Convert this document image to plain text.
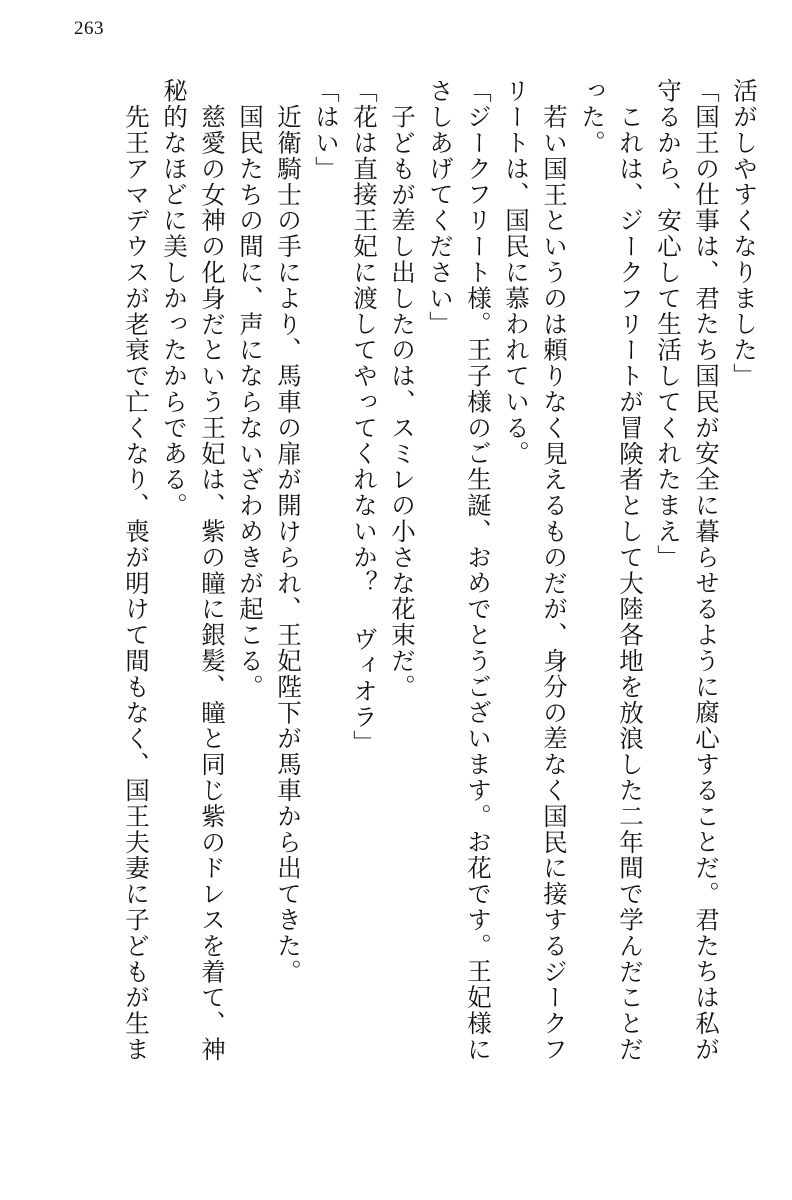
263
活がしやすくなりました」
「国王の仕事は、君たち国民が安全に暮らせるように腐心することだ。君たちは私が
守るから、安心して生活してくれたまえ」
これは、ジークフリートが冒険者として大陸各地を放浪した二年間で学んだことだ
った。
若い国王というのは頼りなく見えるものだが、身分の差なく国民に接するジークフ
リートは、国民に慕われている。
「ジークフリート様。王子様のご生誕、おめでとうございます。お花です。王妃様に
さしあげてください」
子どもが差し出したのは、スミレの小さな花束だ。
「花は直接王妃に渡してやってくれないか？ ヴィオラ」
「はい」
近衛騎士の手により、馬車の扉が開けられ、王妃陛下が馬車から出てきた。
国民たちの間に、声にならないざわめきが起こる。
慈愛の女神の化身だという王妃は、紫の瞳に銀髪、瞳と同じ紫のドレスを着て、神
秘的なほどに美しかったからである。
先王アマデウスが老衰で亡くなり、喪が明けて間もなく、国王夫妻に子どもが生ま
